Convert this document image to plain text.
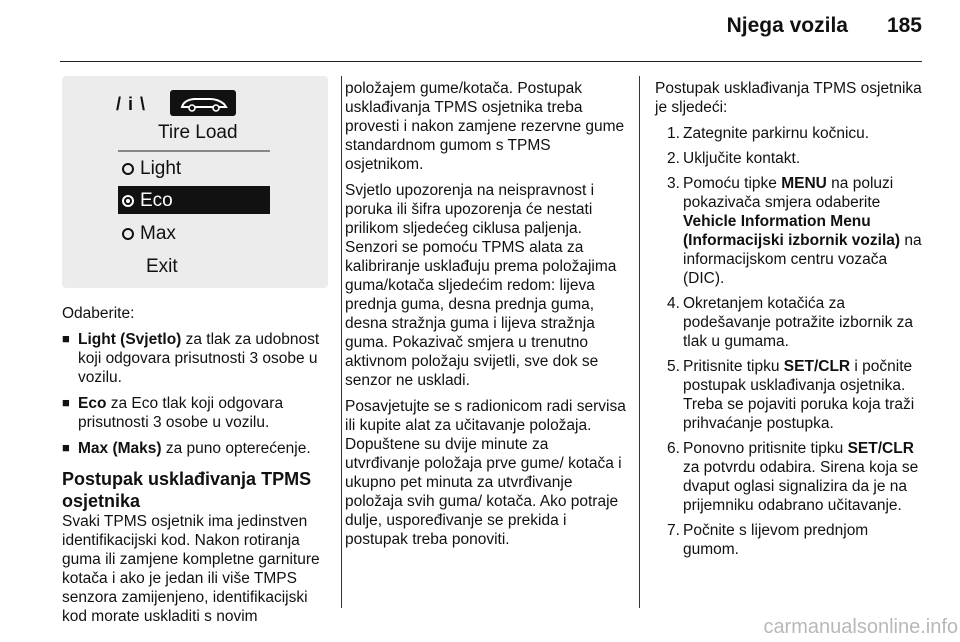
Njega vozila	185
/ i \
Tire Load
Light
Eco
Max
Exit

Odaberite:

■ Light (Svjetlo) za tlak za udobnost koji odgovara prisutnosti 3 osobe u vozilu.
■ Eco za Eco tlak koji odgovara prisutnosti 3 osobe u vozilu.
■ Max (Maks) za puno opterećenje.
Postupak usklađivanja TPMS osjetnika

Svaki TPMS osjetnik ima jedinstven identifikacijski kod. Nakon rotiranja guma ili zamjene kompletne garniture kotača i ako je jedan ili više TMPS senzora zamijenjeno, identifikacijski kod morate uskladiti s novim

položajem gume/kotača. Postupak usklađivanja TPMS osjetnika treba provesti i nakon zamjene rezervne gume standardnom gumom s TPMS osjetnikom.

Svjetlo upozorenja na neispravnost i poruka ili šifra upozorenja će nestati prilikom sljedećeg ciklusa paljenja. Senzori se pomoću TPMS alata za kalibriranje usklađuju prema položajima guma/kotača sljedećim redom: lijeva prednja guma, desna prednja guma, desna stražnja guma i lijeva stražnja guma. Pokazivač smjera u trenutno aktivnom položaju svijetli, sve dok se senzor ne uskladi.

Posavjetujte se s radionicom radi servisa ili kupite alat za učitavanje položaja. Dopuštene su dvije minute za utvrđivanje položaja prve gume/ kotača i ukupno pet minuta za utvrđivanje položaja svih guma/ kotača. Ako potraje dulje, uspoređivanje se prekida i postupak treba ponoviti.

Postupak usklađivanja TPMS osjetnika je sljedeći:

1. Zategnite parkirnu kočnicu.
2. Uključite kontakt.
3. Pomoću tipke MENU na poluzi pokazivača smjera odaberite Vehicle Information Menu (Informacijski izbornik vozila) na informacijskom centru vozača (DIC).
4. Okretanjem kotačića za podešavanje potražite izbornik za tlak u gumama.
5. Pritisnite tipku SET/CLR i počnite postupak usklađivanja osjetnika. Treba se pojaviti poruka koja traži prihvaćanje postupka.
6. Ponovno pritisnite tipku SET/CLR za potvrdu odabira. Sirena koja se dvaput oglasi signalizira da je na prijemniku odabrano učitavanje.
7. Počnite s lijevom prednjom gumom.
carmanualsonline.info
